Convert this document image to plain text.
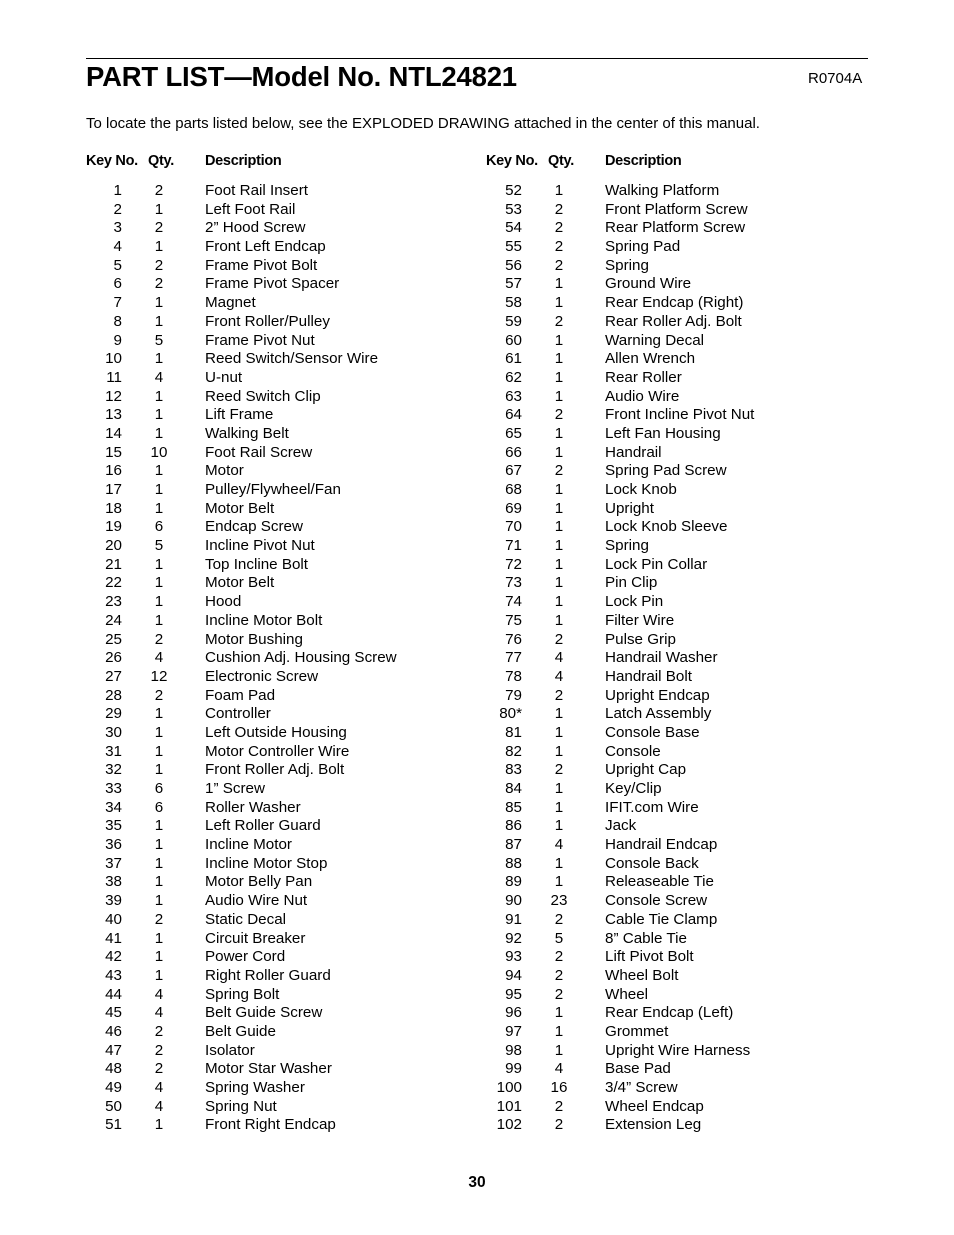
PART LIST—Model No. NTL24821	R0704A
To locate the parts listed below, see the EXPLODED DRAWING attached in the center of this manual.
Key No. Qty. Description
1	2	Foot Rail Insert
2	1	Left Foot Rail
3	2	2” Hood Screw
4	1	Front Left Endcap
5	2	Frame Pivot Bolt
6	2	Frame Pivot Spacer
7	1	Magnet
8	1	Front Roller/Pulley
9	5	Frame Pivot Nut
10	1	Reed Switch/Sensor Wire
11	4	U-nut
12	1	Reed Switch Clip
13	1	Lift Frame
14	1	Walking Belt
15	10	Foot Rail Screw
16	1	Motor
17	1	Pulley/Flywheel/Fan
18	1	Motor Belt
19	6	Endcap Screw
20	5	Incline Pivot Nut
21	1	Top Incline Bolt
22	1	Motor Belt
23	1	Hood
24	1	Incline Motor Bolt
25	2	Motor Bushing
26	4	Cushion Adj. Housing Screw
27	12	Electronic Screw
28	2	Foam Pad
29	1	Controller
30	1	Left Outside Housing
31	1	Motor Controller Wire
32	1	Front Roller Adj. Bolt
33	6	1” Screw
34	6	Roller Washer
35	1	Left Roller Guard
36	1	Incline Motor
37	1	Incline Motor Stop
38	1	Motor Belly Pan
39	1	Audio Wire Nut
40	2	Static Decal
41	1	Circuit Breaker
42	1	Power Cord
43	1	Right Roller Guard
44	4	Spring Bolt
45	4	Belt Guide Screw
46	2	Belt Guide
47	2	Isolator
48	2	Motor Star Washer
49	4	Spring Washer
50	4	Spring Nut
51	1	Front Right Endcap
Key No. Qty. Description
52	1	Walking Platform
53	2	Front Platform Screw
54	2	Rear Platform Screw
55	2	Spring Pad
56	2	Spring
57	1	Ground Wire
58	1	Rear Endcap (Right)
59	2	Rear Roller Adj. Bolt
60	1	Warning Decal
61	1	Allen Wrench
62	1	Rear Roller
63	1	Audio Wire
64	2	Front Incline Pivot Nut
65	1	Left Fan Housing
66	1	Handrail
67	2	Spring Pad Screw
68	1	Lock Knob
69	1	Upright
70	1	Lock Knob Sleeve
71	1	Spring
72	1	Lock Pin Collar
73	1	Pin Clip
74	1	Lock Pin
75	1	Filter Wire
76	2	Pulse Grip
77	4	Handrail Washer
78	4	Handrail Bolt
79	2	Upright Endcap
80*	1	Latch Assembly
81	1	Console Base
82	1	Console
83	2	Upright Cap
84	1	Key/Clip
85	1	IFIT.com Wire
86	1	Jack
87	4	Handrail Endcap
88	1	Console Back
89	1	Releaseable Tie
90	23	Console Screw
91	2	Cable Tie Clamp
92	5	8” Cable Tie
93	2	Lift Pivot Bolt
94	2	Wheel Bolt
95	2	Wheel
96	1	Rear Endcap (Left)
97	1	Grommet
98	1	Upright Wire Harness
99	4	Base Pad
100	16	3/4” Screw
101	2	Wheel Endcap
102	2	Extension Leg
30
